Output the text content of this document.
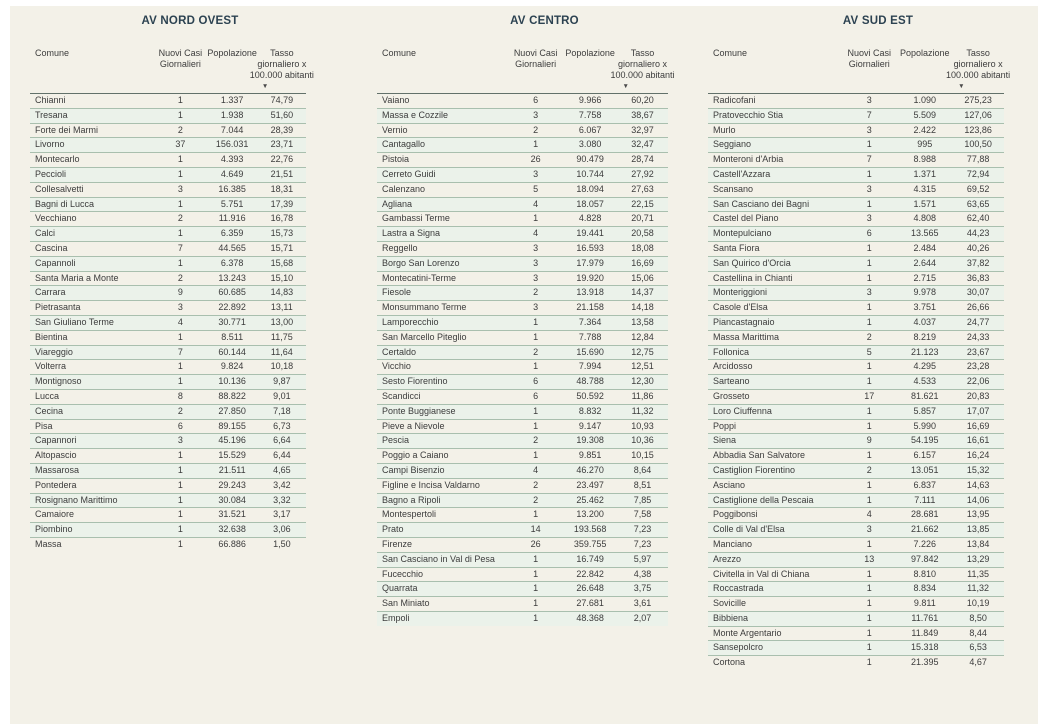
AV NORD OVEST
Comune	Nuovi Casi Giornalieri	Popolazione	Tasso giornaliero x 100.000 abitanti
▼

Chianni	1	1.337	74,79
Tresana	1	1.938	51,60
Forte dei Marmi	2	7.044	28,39
Livorno	37	156.031	23,71
Montecarlo	1	4.393	22,76
Peccioli	1	4.649	21,51
Collesalvetti	3	16.385	18,31
Bagni di Lucca	1	5.751	17,39
Vecchiano	2	11.916	16,78
Calci	1	6.359	15,73
Cascina	7	44.565	15,71
Capannoli	1	6.378	15,68
Santa Maria a Monte	2	13.243	15,10
Carrara	9	60.685	14,83
Pietrasanta	3	22.892	13,11
San Giuliano Terme	4	30.771	13,00
Bientina	1	8.511	11,75
Viareggio	7	60.144	11,64
Volterra	1	9.824	10,18
Montignoso	1	10.136	9,87
Lucca	8	88.822	9,01
Cecina	2	27.850	7,18
Pisa	6	89.155	6,73
Capannori	3	45.196	6,64
Altopascio	1	15.529	6,44
Massarosa	1	21.511	4,65
Pontedera	1	29.243	3,42
Rosignano Marittimo	1	30.084	3,32
Camaiore	1	31.521	3,17
Piombino	1	32.638	3,06
Massa	1	66.886	1,50
AV CENTRO
Comune	Nuovi Casi Giornalieri	Popolazione	Tasso giornaliero x 100.000 abitanti
▼

Vaiano	6	9.966	60,20
Massa e Cozzile	3	7.758	38,67
Vernio	2	6.067	32,97
Cantagallo	1	3.080	32,47
Pistoia	26	90.479	28,74
Cerreto Guidi	3	10.744	27,92
Calenzano	5	18.094	27,63
Agliana	4	18.057	22,15
Gambassi Terme	1	4.828	20,71
Lastra a Signa	4	19.441	20,58
Reggello	3	16.593	18,08
Borgo San Lorenzo	3	17.979	16,69
Montecatini-Terme	3	19.920	15,06
Fiesole	2	13.918	14,37
Monsummano Terme	3	21.158	14,18
Lamporecchio	1	7.364	13,58
San Marcello Piteglio	1	7.788	12,84
Certaldo	2	15.690	12,75
Vicchio	1	7.994	12,51
Sesto Fiorentino	6	48.788	12,30
Scandicci	6	50.592	11,86
Ponte Buggianese	1	8.832	11,32
Pieve a Nievole	1	9.147	10,93
Pescia	2	19.308	10,36
Poggio a Caiano	1	9.851	10,15
Campi Bisenzio	4	46.270	8,64
Figline e Incisa Valdarno	2	23.497	8,51
Bagno a Ripoli	2	25.462	7,85
Montespertoli	1	13.200	7,58
Prato	14	193.568	7,23
Firenze	26	359.755	7,23
San Casciano in Val di Pesa	1	16.749	5,97
Fucecchio	1	22.842	4,38
Quarrata	1	26.648	3,75
San Miniato	1	27.681	3,61
Empoli	1	48.368	2,07
AV SUD EST
Comune	Nuovi Casi Giornalieri	Popolazione	Tasso giornaliero x 100.000 abitanti
▼

Radicofani	3	1.090	275,23
Pratovecchio Stia	7	5.509	127,06
Murlo	3	2.422	123,86
Seggiano	1	995	100,50
Monteroni d'Arbia	7	8.988	77,88
Castell'Azzara	1	1.371	72,94
Scansano	3	4.315	69,52
San Casciano dei Bagni	1	1.571	63,65
Castel del Piano	3	4.808	62,40
Montepulciano	6	13.565	44,23
Santa Fiora	1	2.484	40,26
San Quirico d'Orcia	1	2.644	37,82
Castellina in Chianti	1	2.715	36,83
Monteriggioni	3	9.978	30,07
Casole d'Elsa	1	3.751	26,66
Piancastagnaio	1	4.037	24,77
Massa Marittima	2	8.219	24,33
Follonica	5	21.123	23,67
Arcidosso	1	4.295	23,28
Sarteano	1	4.533	22,06
Grosseto	17	81.621	20,83
Loro Ciuffenna	1	5.857	17,07
Poppi	1	5.990	16,69
Siena	9	54.195	16,61
Abbadia San Salvatore	1	6.157	16,24
Castiglion Fiorentino	2	13.051	15,32
Asciano	1	6.837	14,63
Castiglione della Pescaia	1	7.111	14,06
Poggibonsi	4	28.681	13,95
Colle di Val d'Elsa	3	21.662	13,85
Manciano	1	7.226	13,84
Arezzo	13	97.842	13,29
Civitella in Val di Chiana	1	8.810	11,35
Roccastrada	1	8.834	11,32
Sovicille	1	9.811	10,19
Bibbiena	1	11.761	8,50
Monte Argentario	1	11.849	8,44
Sansepolcro	1	15.318	6,53
Cortona	1	21.395	4,67
